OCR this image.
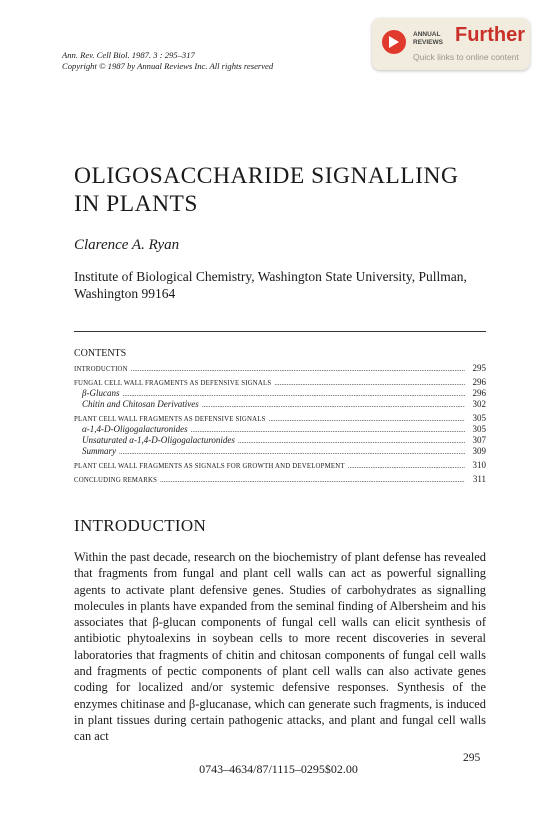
Ann. Rev. Cell Biol. 1987. 3 : 295–317
Copyright © 1987 by Annual Reviews Inc. All rights reserved
ANNUAL
REVIEWS Further
Quick links to online content
OLIGOSACCHARIDE SIGNALLING
IN PLANTS
Clarence A. Ryan
Institute of Biological Chemistry, Washington State University, Pullman, Washington 99164
CONTENTS
INTRODUCTION .....	295
FUNGAL CELL WALL FRAGMENTS AS DEFENSIVE SIGNALS .....	296
β-Glucans .....	296
Chitin and Chitosan Derivatives .....	302
PLANT CELL WALL FRAGMENTS AS DEFENSIVE SIGNALS .....	305
α-1,4-D-Oligogalacturonides .....	305
Unsaturated α-1,4-D-Oligogalacturonides .....	307
Summary .....	309
PLANT CELL WALL FRAGMENTS AS SIGNALS FOR GROWTH AND DEVELOPMENT .....	310
CONCLUDING REMARKS .....	311
INTRODUCTION
Within the past decade, research on the biochemistry of plant defense has revealed that fragments from fungal and plant cell walls can act as powerful signalling agents to activate plant defensive genes. Studies of carbohydrates as signalling molecules in plants have expanded from the seminal finding of Albersheim and his associates that β-glucan components of fungal cell walls can elicit synthesis of antibiotic phytoalexins in soybean cells to more recent discoveries in several laboratories that fragments of chitin and chitosan components of fungal cell walls and fragments of pectic components of plant cell walls can also activate genes coding for localized and/or systemic defensive responses. Synthesis of the enzymes chitinase and β-glucanase, which can generate such fragments, is induced in plant tissues during certain pathogenic attacks, and plant and fungal cell walls can act
295
0743–4634/87/1115–0295$02.00
